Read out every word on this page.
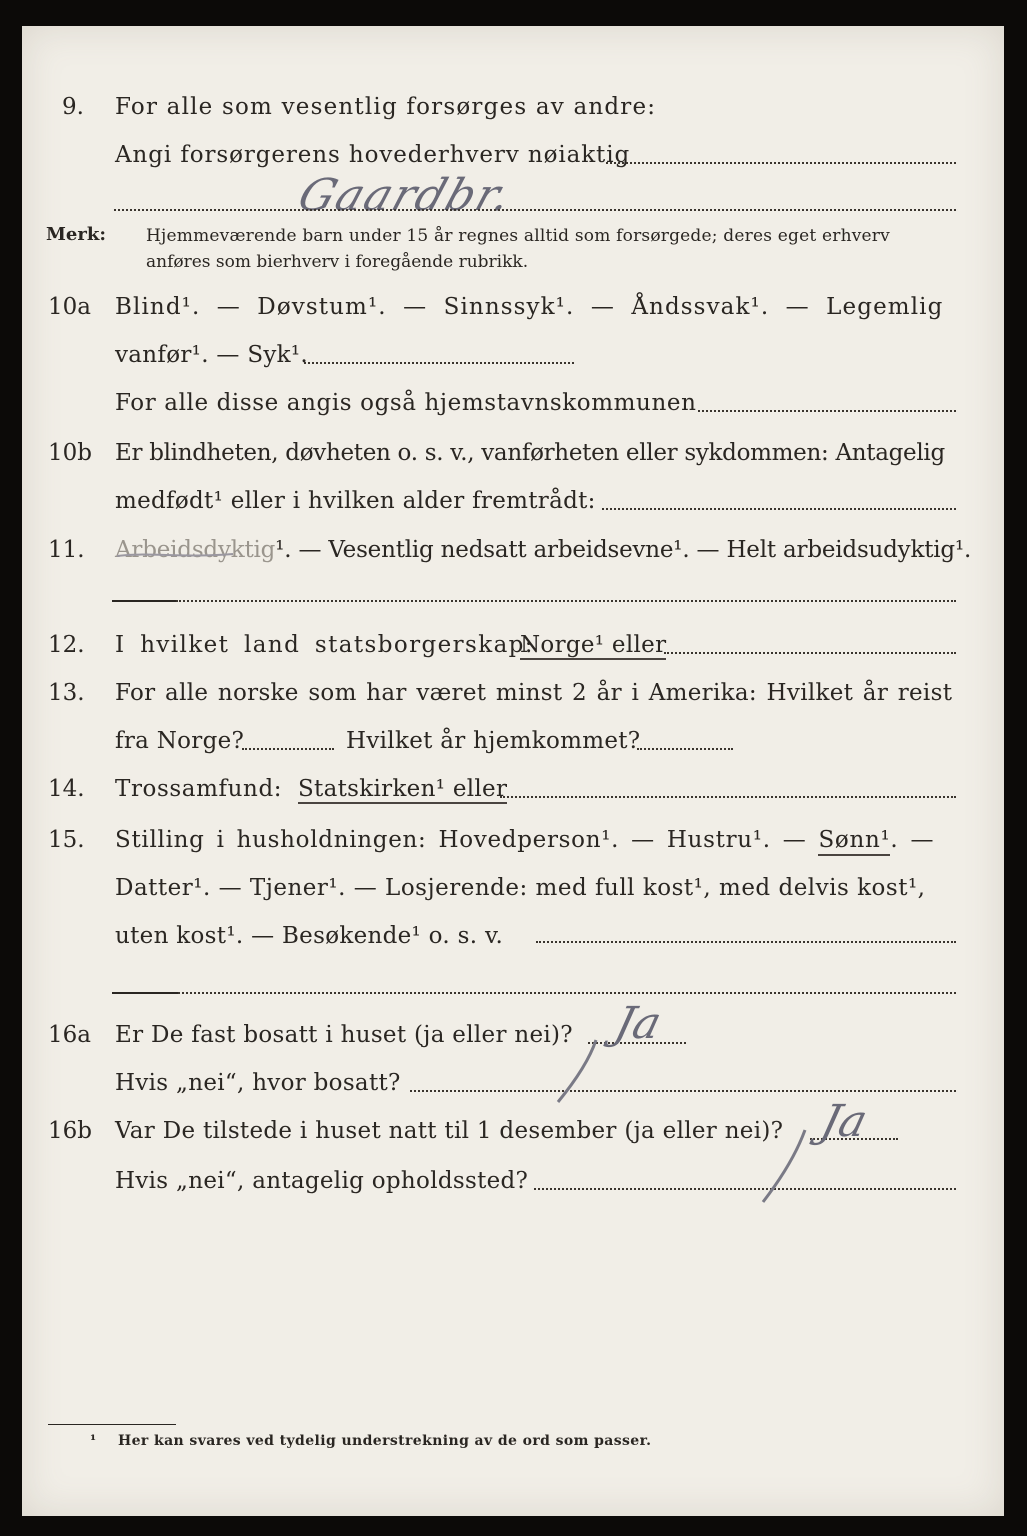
9. For alle som vesentlig forsørges av andre:
Angi forsørgerens hovederhverv nøiaktig
Gaardbr.
Merk: Hjemmeværende barn under 15 år regnes alltid som forsørgede; deres eget erhverv
anføres som bierhverv i foregående rubrikk.
10a Blind¹. — Døvstum¹. — Sinnssyk¹. — Åndssvak¹. — Legemlig
vanfør¹. — Syk¹.
For alle disse angis også hjemstavnskommunen
10b Er blindheten, døvheten o. s. v., vanførheten eller sykdommen: Antagelig
medfødt¹ eller i hvilken alder fremtrådt:
11. Arbeidsdyktig¹. — Vesentlig nedsatt arbeidsevne¹. — Helt arbeidsudyktig¹.
12. I hvilket land statsborgerskap:
Norge¹ eller
13. For alle norske som har været minst 2 år i Amerika: Hvilket år reist
fra Norge?	Hvilket år hjemkommet?
14. Trossamfund: Statskirken¹ eller
15. Stilling i husholdningen: Hovedperson¹. — Hustru¹. — Sønn¹. —
Datter¹. — Tjener¹. — Losjerende: med full kost¹, med delvis kost¹,
uten kost¹. — Besøkende¹ o. s. v.
16a Er De fast bosatt i huset (ja eller nei)? Ja
Hvis „nei“, hvor bosatt?
16b Var De tilstede i huset natt til 1 desember (ja eller nei)? Ja
Hvis „nei“, antagelig opholdssted?
¹ Her kan svares ved tydelig understrekning av de ord som passer.
